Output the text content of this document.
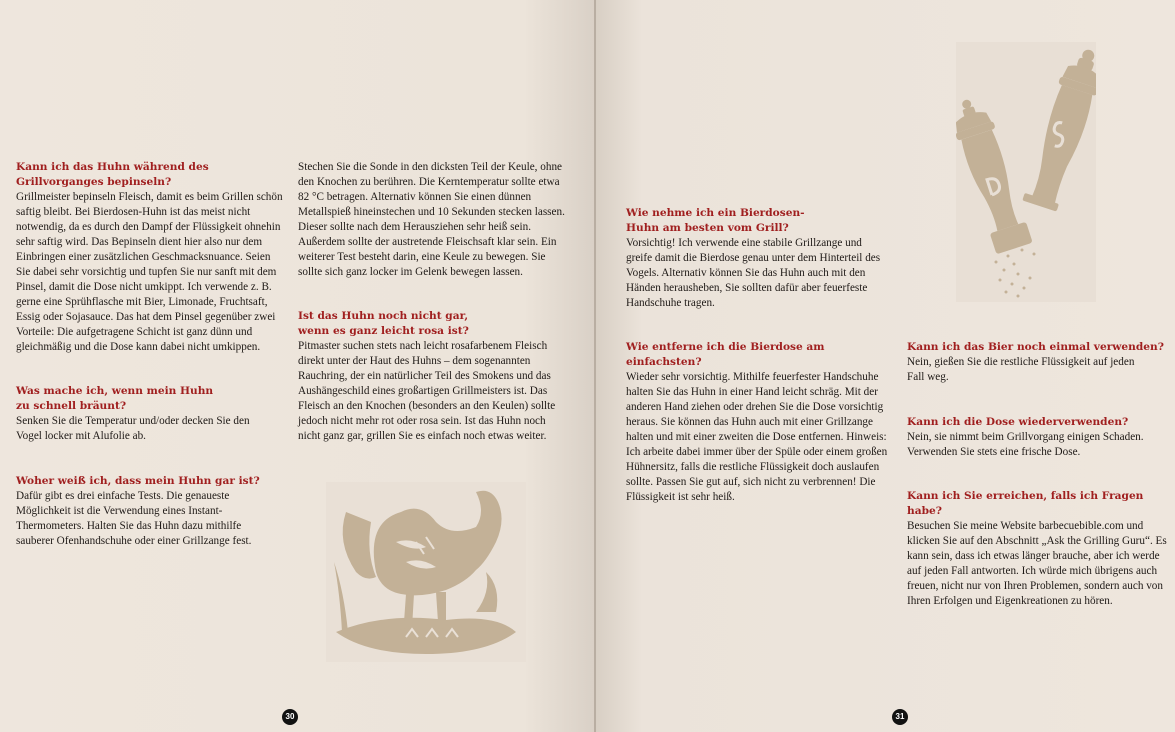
Kann ich das Huhn während des Grillvorganges bepinseln?

Grillmeister bepinseln Fleisch, damit es beim Grillen schön saftig bleibt. Bei Bierdosen-Huhn ist das meist nicht notwendig, da es durch den Dampf der Flüssigkeit ohnehin sehr saftig wird. Das Bepinseln dient hier also nur dem Einbringen einer zusätzlichen Geschmacksnuance. Seien Sie dabei sehr vorsichtig und tupfen Sie nur sanft mit dem Pinsel, damit die Dose nicht umkippt. Ich verwende z. B. gerne eine Sprühflasche mit Bier, Limonade, Fruchtsaft, Essig oder Sojasauce. Das hat dem Pinsel gegenüber zwei Vorteile: Die aufgetragene Schicht ist ganz dünn und gleichmäßig und die Dose kann dabei nicht umkippen.

Was mache ich, wenn mein Huhn zu schnell bräunt?

Senken Sie die Temperatur und/oder decken Sie den Vogel locker mit Alufolie ab.

Woher weiß ich, dass mein Huhn gar ist?

Dafür gibt es drei einfache Tests. Die genaueste Möglichkeit ist die Verwendung eines Instant-Thermometers. Halten Sie das Huhn dazu mithilfe sauberer Ofenhandschuhe oder einer Grillzange fest.

Stechen Sie die Sonde in den dicksten Teil der Keule, ohne den Knochen zu berühren. Die Kerntemperatur sollte etwa 82 °C betragen. Alternativ können Sie einen dünnen Metallspieß hineinstechen und 10 Sekunden stecken lassen. Dieser sollte nach dem Herausziehen sehr heiß sein. Außerdem sollte der austretende Fleischsaft klar sein. Ein weiterer Test besteht darin, eine Keule zu bewegen. Sie sollte sich ganz locker im Gelenk bewegen lassen.

Ist das Huhn noch nicht gar, wenn es ganz leicht rosa ist?

Pitmaster suchen stets nach leicht rosafarbenem Fleisch direkt unter der Haut des Huhns – dem sogenannten Rauchring, der ein natürlicher Teil des Smokens und das Aushängeschild eines großartigen Grillmeisters ist. Das Fleisch an den Knochen (besonders an den Keulen) sollte jedoch nicht mehr rot oder rosa sein. Ist das Huhn noch nicht ganz gar, grillen Sie es einfach noch etwas weiter.

Wie nehme ich ein Bierdosen-Huhn am besten vom Grill?

Vorsichtig! Ich verwende eine stabile Grillzange und greife damit die Bierdose genau unter dem Hinterteil des Vogels. Alternativ können Sie das Huhn auch mit den Händen herausheben, Sie sollten dafür aber feuerfeste Handschuhe tragen.

Wie entferne ich die Bierdose am einfachsten?

Wieder sehr vorsichtig. Mithilfe feuerfester Handschuhe halten Sie das Huhn in einer Hand leicht schräg. Mit der anderen Hand ziehen oder drehen Sie die Dose vorsichtig heraus. Sie können das Huhn auch mit einer Grillzange halten und mit einer zweiten die Dose entfernen. Hinweis: Ich arbeite dabei immer über der Spüle oder einem großen Hühnersitz, falls die restliche Flüssigkeit doch auslaufen sollte. Passen Sie gut auf, sich nicht zu verbrennen! Die Flüssigkeit ist sehr heiß.

Kann ich das Bier noch einmal verwenden?

Nein, gießen Sie die restliche Flüssigkeit auf jeden Fall weg.

Kann ich die Dose wiederverwenden?

Nein, sie nimmt beim Grillvorgang einigen Schaden. Verwenden Sie stets eine frische Dose.

Kann ich Sie erreichen, falls ich Fragen habe?

Besuchen Sie meine Website barbecuebible.com und klicken Sie auf den Abschnitt „Ask the Grilling Guru“. Es kann sein, dass ich etwas länger brauche, aber ich werde auf jeden Fall antworten. Ich würde mich übrigens auch freuen, nicht nur von Ihren Problemen, sondern auch von Ihren Erfolgen und Eigenkreationen zu hören.

30	31
